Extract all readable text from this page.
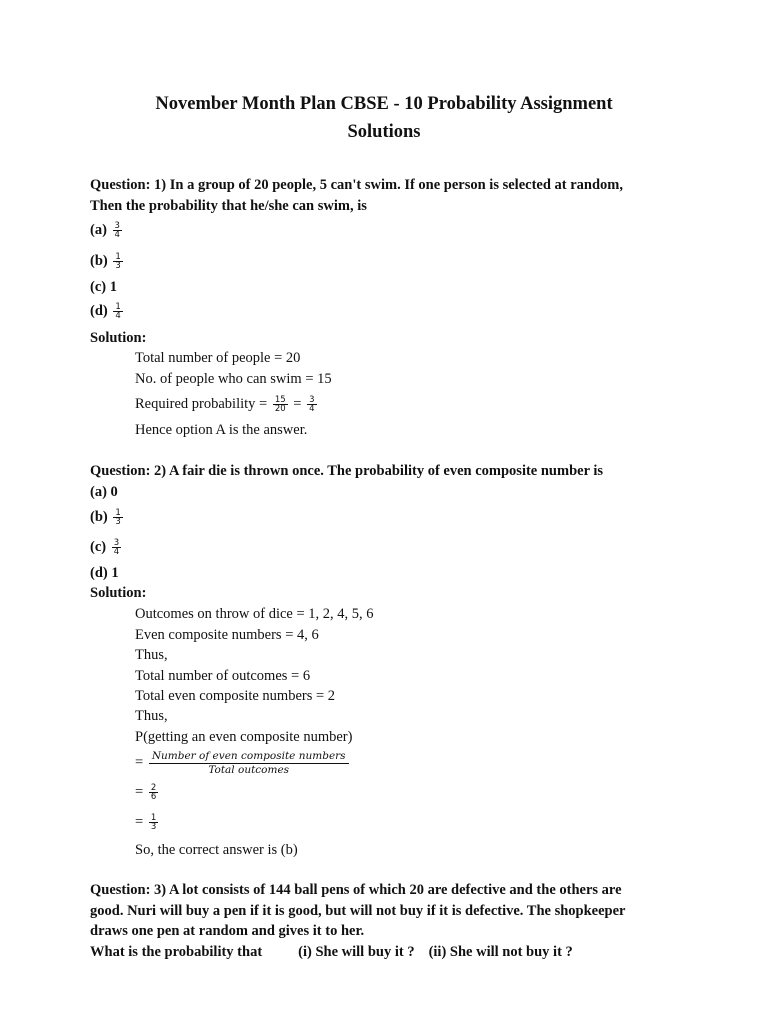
November Month Plan CBSE - 10 Probability Assignment
Solutions
Question: 1) In a group of 20 people, 5 can't swim. If one person is selected at random,
Then the probability that he/she can swim, is
$(a) \frac{3}{4}$
$(b) \frac{1}{3}$
(c) 1
$(d) \frac{1}{4}$
Solution:
Total number of people = 20
No. of people who can swim = 15
Required probability = $\frac{15}{20} = \frac{3}{4}$
Hence option A is the answer.
Question: 2) A fair die is thrown once. The probability of even composite number is
(a) 0
$(b) \frac{1}{3}$
$(c) \frac{3}{4}$
(d) 1
Solution:
Outcomes on throw of dice = 1, 2, 4, 5, 6
Even composite numbers = 4, 6
Thus,
Total number of outcomes = 6
Total even composite numbers = 2
Thus,
P(getting an even composite number)
= $\frac{\text{Number of even composite numbers}}{\text{Total outcomes}}$
= $\frac{2}{6}$
= $\frac{1}{3}$
So, the correct answer is (b)
Question: 3) A lot consists of 144 ball pens of which 20 are defective and the others are
good. Nuri will buy a pen if it is good, but will not buy if it is defective. The shopkeeper
draws one pen at random and gives it to her.
What is the probability that (i) She will buy it ? (ii) She will not buy it ?
